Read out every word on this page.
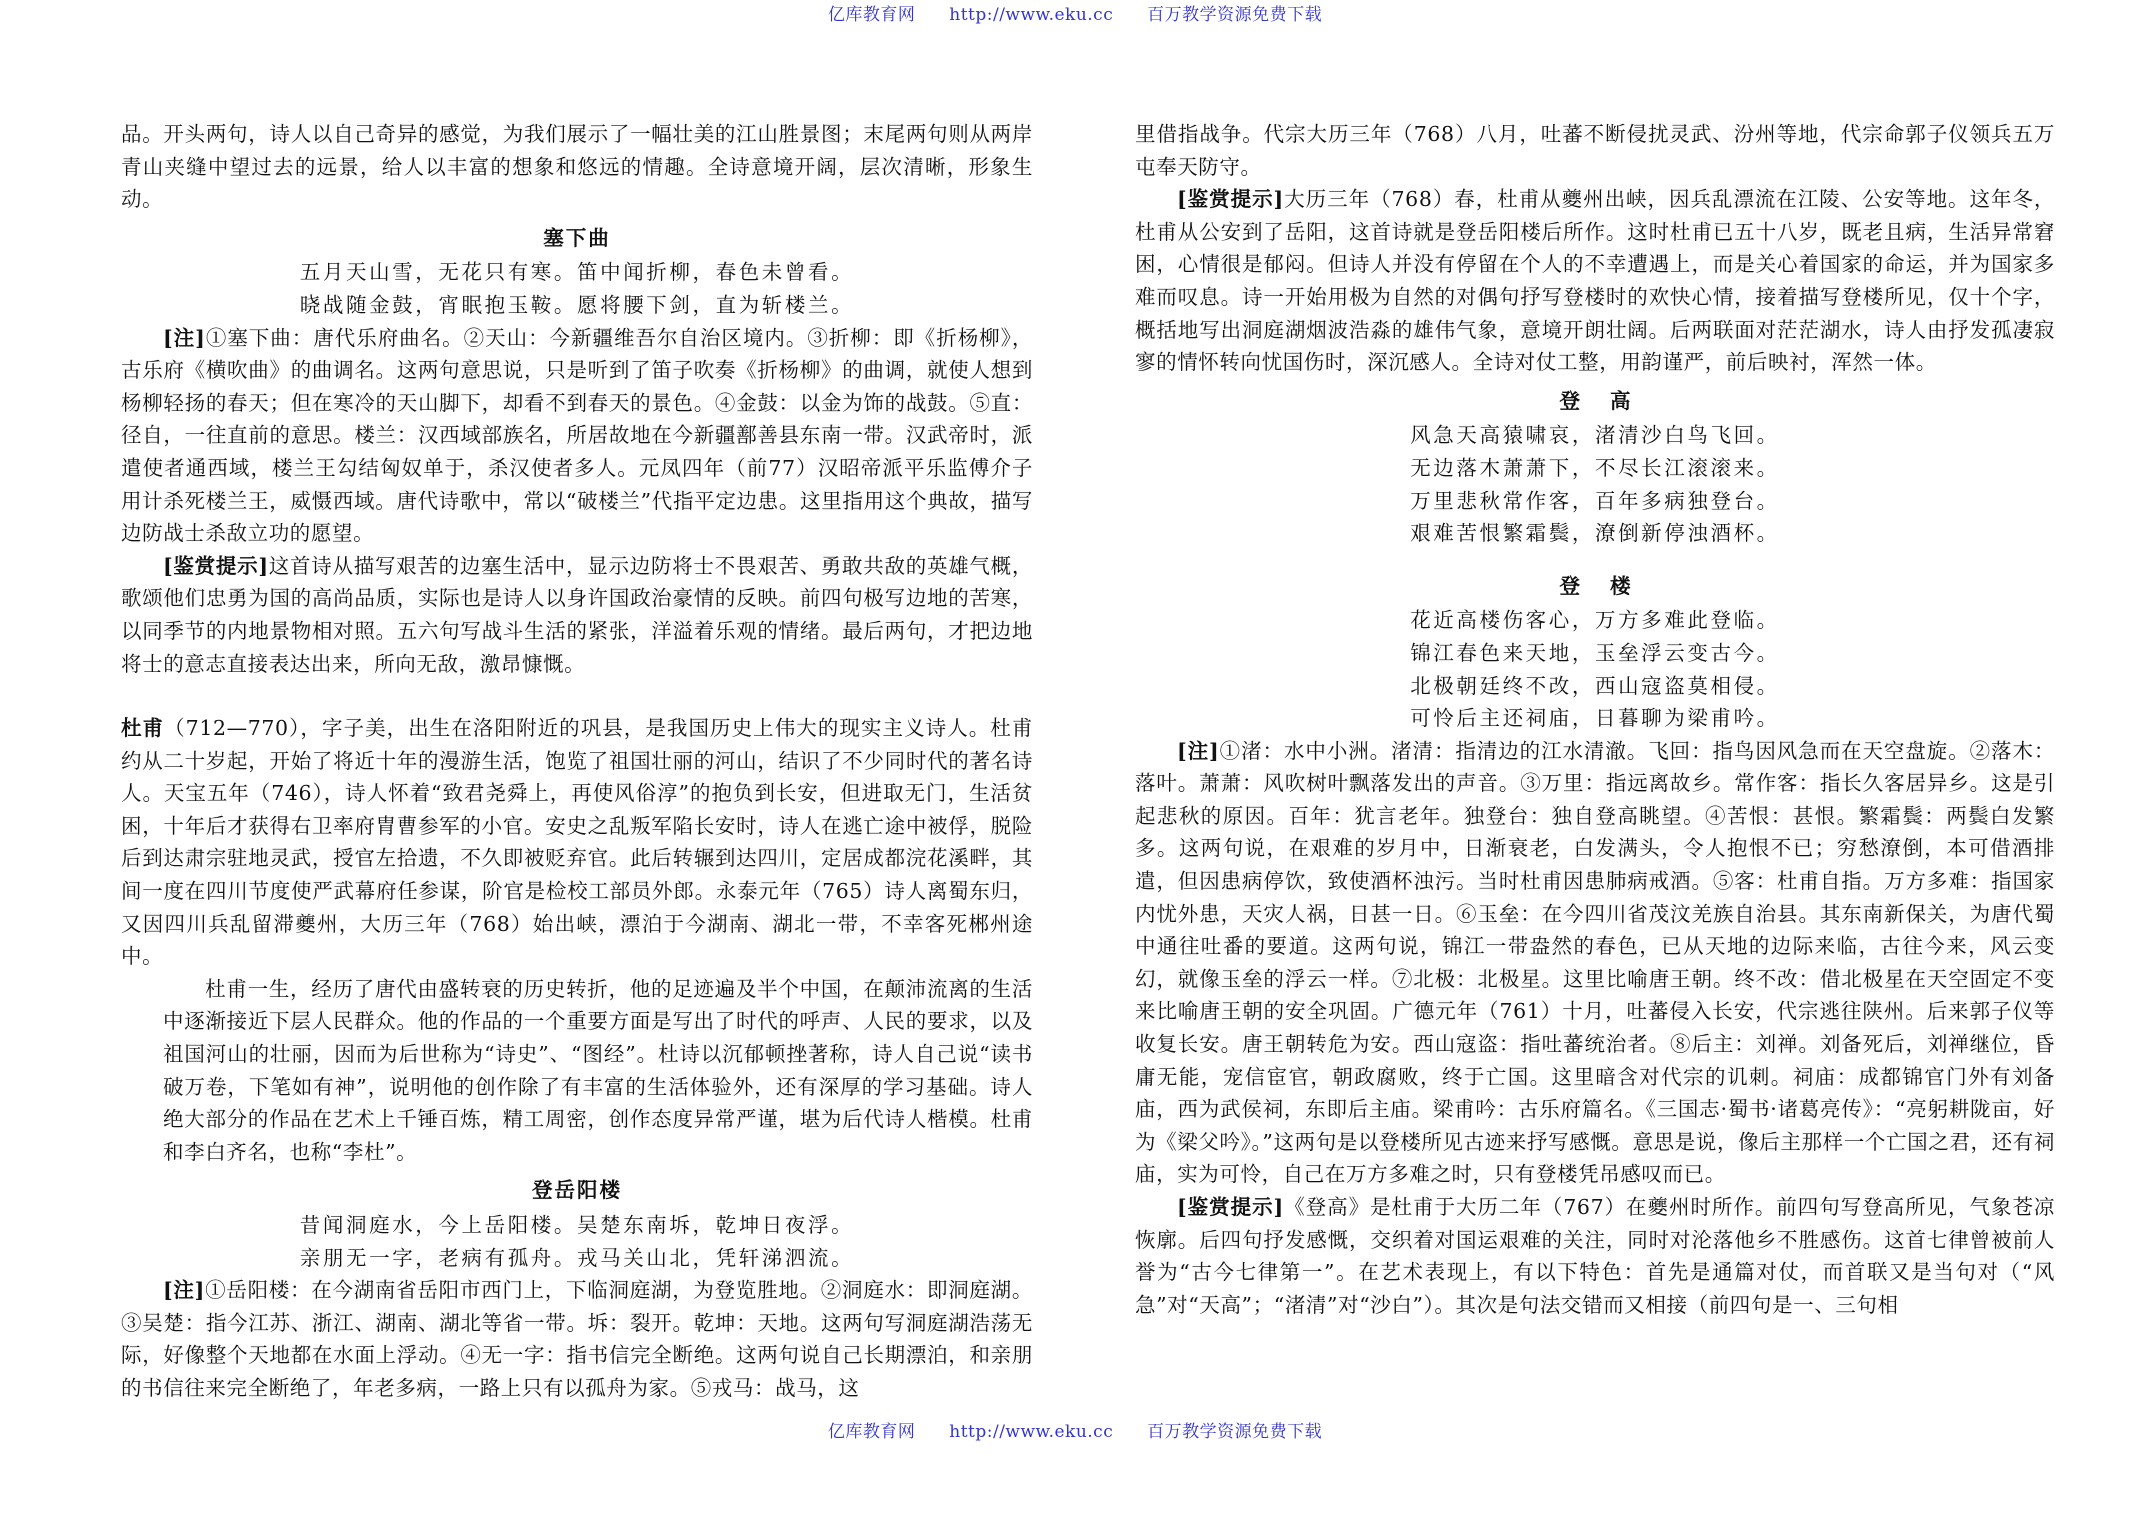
亿库教育网 http://www.eku.cc 百万教学资源免费下载

品。开头两句，诗人以自己奇异的感觉，为我们展示了一幅壮美的江山胜景图；末尾两句则从两岸青山夹缝中望过去的远景，给人以丰富的想象和悠远的情趣。全诗意境开阔，层次清晰，形象生动。

塞下曲
五月天山雪，无花只有寒。笛中闻折柳，春色未曾看。
晓战随金鼓，宵眠抱玉鞍。愿将腰下剑，直为斩楼兰。

[注]①塞下曲：唐代乐府曲名。②天山：今新疆维吾尔自治区境内。③折柳：即《折杨柳》，古乐府《横吹曲》的曲调名。这两句意思说，只是听到了笛子吹奏《折杨柳》的曲调，就使人想到杨柳轻扬的春天；但在寒冷的天山脚下，却看不到春天的景色。④金鼓：以金为饰的战鼓。⑤直：径自，一往直前的意思。楼兰：汉西域部族名，所居故地在今新疆鄯善县东南一带。汉武帝时，派遣使者通西域，楼兰王勾结匈奴单于，杀汉使者多人。元凤四年（前77）汉昭帝派平乐监傅介子用计杀死楼兰王，威慑西域。唐代诗歌中，常以“破楼兰”代指平定边患。这里指用这个典故，描写边防战士杀敌立功的愿望。

[鉴赏提示]这首诗从描写艰苦的边塞生活中，显示边防将士不畏艰苦、勇敢共敌的英雄气概，歌颂他们忠勇为国的高尚品质，实际也是诗人以身许国政治豪情的反映。前四句极写边地的苦寒，以同季节的内地景物相对照。五六句写战斗生活的紧张，洋溢着乐观的情绪。最后两句，才把边地将士的意志直接表达出来，所向无敌，激昂慷慨。

杜甫（712—770），字子美，出生在洛阳附近的巩县，是我国历史上伟大的现实主义诗人。杜甫约从二十岁起，开始了将近十年的漫游生活，饱览了祖国壮丽的河山，结识了不少同时代的著名诗人。天宝五年（746），诗人怀着“致君尧舜上，再使风俗淳”的抱负到长安，但进取无门，生活贫困，十年后才获得右卫率府胄曹参军的小官。安史之乱叛军陷长安时，诗人在逃亡途中被俘，脱险后到达肃宗驻地灵武，授官左拾遗，不久即被贬弃官。此后转辗到达四川，定居成都浣花溪畔，其间一度在四川节度使严武幕府任参谋，阶官是检校工部员外郎。永泰元年（765）诗人离蜀东归，又因四川兵乱留滞夔州，大历三年（768）始出峡，漂泊于今湖南、湖北一带，不幸客死郴州途中。

杜甫一生，经历了唐代由盛转衰的历史转折，他的足迹遍及半个中国，在颠沛流离的生活中逐渐接近下层人民群众。他的作品的一个重要方面是写出了时代的呼声、人民的要求，以及祖国河山的壮丽，因而为后世称为“诗史”、“图经”。杜诗以沉郁顿挫著称，诗人自己说“读书破万卷，下笔如有神”，说明他的创作除了有丰富的生活体验外，还有深厚的学习基础。诗人绝大部分的作品在艺术上千锤百炼，精工周密，创作态度异常严谨，堪为后代诗人楷模。杜甫和李白齐名，也称“李杜”。

登岳阳楼
昔闻洞庭水，今上岳阳楼。吴楚东南坼，乾坤日夜浮。
亲朋无一字，老病有孤舟。戎马关山北，凭轩涕泗流。

[注]①岳阳楼：在今湖南省岳阳市西门上，下临洞庭湖，为登览胜地。②洞庭水：即洞庭湖。③吴楚：指今江苏、浙江、湖南、湖北等省一带。坼：裂开。乾坤：天地。这两句写洞庭湖浩荡无际，好像整个天地都在水面上浮动。④无一字：指书信完全断绝。这两句说自己长期漂泊，和亲朋的书信往来完全断绝了，年老多病，一路上只有以孤舟为家。⑤戎马：战马，这

里借指战争。代宗大历三年（768）八月，吐蕃不断侵扰灵武、汾州等地，代宗命郭子仪领兵五万屯奉天防守。

[鉴赏提示]大历三年（768）春，杜甫从夔州出峡，因兵乱漂流在江陵、公安等地。这年冬，杜甫从公安到了岳阳，这首诗就是登岳阳楼后所作。这时杜甫已五十八岁，既老且病，生活异常窘困，心情很是郁闷。但诗人并没有停留在个人的不幸遭遇上，而是关心着国家的命运，并为国家多难而叹息。诗一开始用极为自然的对偶句抒写登楼时的欢快心情，接着描写登楼所见，仅十个字，概括地写出洞庭湖烟波浩淼的雄伟气象，意境开朗壮阔。后两联面对茫茫湖水，诗人由抒发孤凄寂寥的情怀转向忧国伤时，深沉感人。全诗对仗工整，用韵谨严，前后映衬，浑然一体。

登高
风急天高猿啸哀，渚清沙白鸟飞回。
无边落木萧萧下，不尽长江滚滚来。
万里悲秋常作客，百年多病独登台。
艰难苦恨繁霜鬓，潦倒新停浊酒杯。
登楼
花近高楼伤客心，万方多难此登临。
锦江春色来天地，玉垒浮云变古今。
北极朝廷终不改，西山寇盗莫相侵。
可怜后主还祠庙，日暮聊为梁甫吟。

[注]①渚：水中小洲。渚清：指清边的江水清澈。飞回：指鸟因风急而在天空盘旋。②落木：落叶。萧萧：风吹树叶飘落发出的声音。③万里：指远离故乡。常作客：指长久客居异乡。这是引起悲秋的原因。百年：犹言老年。独登台：独自登高眺望。④苦恨：甚恨。繁霜鬓：两鬓白发繁多。这两句说，在艰难的岁月中，日渐衰老，白发满头，令人抱恨不已；穷愁潦倒，本可借酒排遣，但因患病停饮，致使酒杯浊污。当时杜甫因患肺病戒酒。⑤客：杜甫自指。万方多难：指国家内忧外患，天灾人祸，日甚一日。⑥玉垒：在今四川省茂汶羌族自治县。其东南新保关，为唐代蜀中通往吐番的要道。这两句说，锦江一带盎然的春色，已从天地的边际来临，古往今来，风云变幻，就像玉垒的浮云一样。⑦北极：北极星。这里比喻唐王朝。终不改：借北极星在天空固定不变来比喻唐王朝的安全巩固。广德元年（761）十月，吐蕃侵入长安，代宗逃往陕州。后来郭子仪等收复长安。唐王朝转危为安。西山寇盗：指吐蕃统治者。⑧后主：刘禅。刘备死后，刘禅继位，昏庸无能，宠信宦官，朝政腐败，终于亡国。这里暗含对代宗的讥刺。祠庙：成都锦官门外有刘备庙，西为武侯祠，东即后主庙。梁甫吟：古乐府篇名。《三国志·蜀书·诸葛亮传》：“亮躬耕陇亩，好为《梁父吟》。”这两句是以登楼所见古迹来抒写感慨。意思是说，像后主那样一个亡国之君，还有祠庙，实为可怜，自己在万方多难之时，只有登楼凭吊感叹而已。

[鉴赏提示]《登高》是杜甫于大历二年（767）在夔州时所作。前四句写登高所见，气象苍凉恢廓。后四句抒发感慨，交织着对国运艰难的关注，同时对沦落他乡不胜感伤。这首七律曾被前人誉为“古今七律第一”。在艺术表现上，有以下特色：首先是通篇对仗，而首联又是当句对（“风急”对“天高”；“渚清”对“沙白”）。其次是句法交错而又相接（前四句是一、三句相

亿库教育网 http://www.eku.cc 百万教学资源免费下载
